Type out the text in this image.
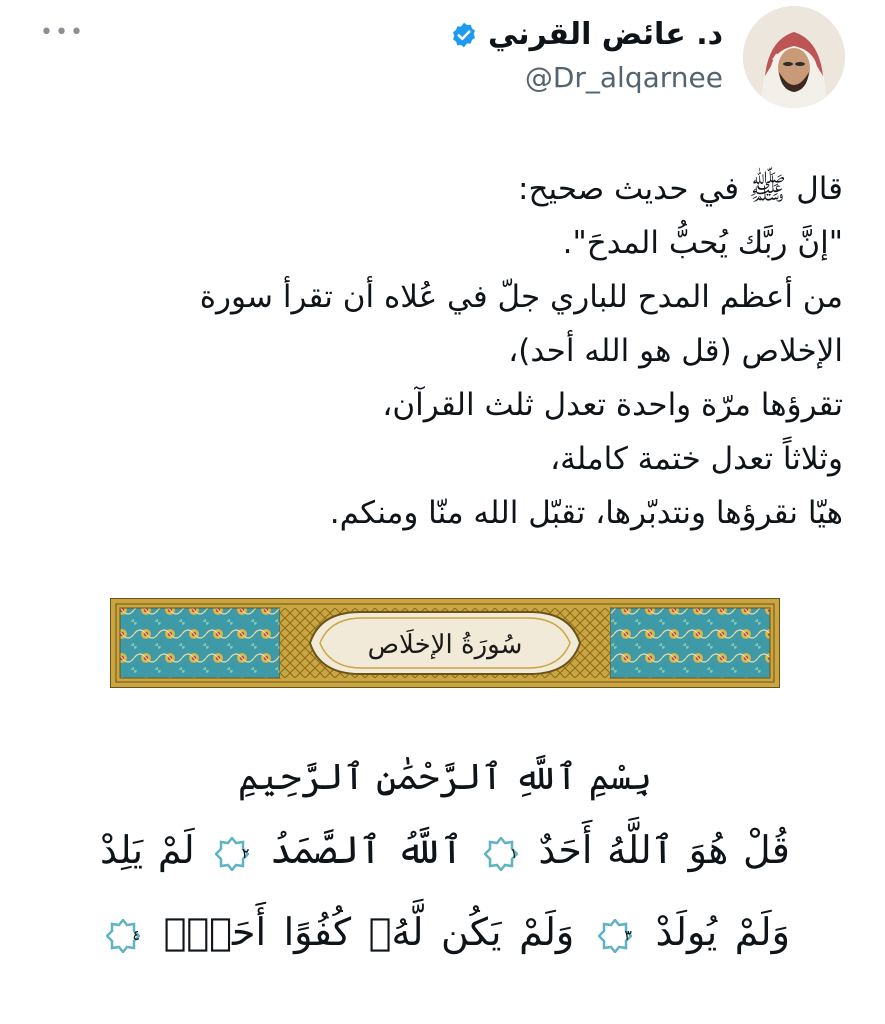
•••	د. عائض القرني
@Dr_alqarnee
قال ﷺ في حديث صحيح:
"إنَّ ربَّك يُحبُّ المدحَ".
من أعظم المدح للباري جلّ في عُلاه أن تقرأ سورة
الإخلاص (قل هو الله أحد)،
تقرؤها مرّة واحدة تعدل ثلث القرآن،
وثلاثاً تعدل ختمة كاملة،
هيّا نقرؤها ونتدبّرها، تقبّل الله منّا ومنكم.
سُورَةُ الإخلَاص
بِسْمِ ٱللَّهِ ٱلرَّحْمَٰنِ ٱلرَّحِيمِ
قُلْ هُوَ ٱللَّهُ أَحَدٌ
١
ٱللَّهُ ٱلصَّمَدُ
٢
لَمْ يَلِدْ
وَلَمْ يُولَدْ
٣
وَلَمْ يَكُن لَّهُۥ كُفُوًا أَحَدٌۢ
٤
